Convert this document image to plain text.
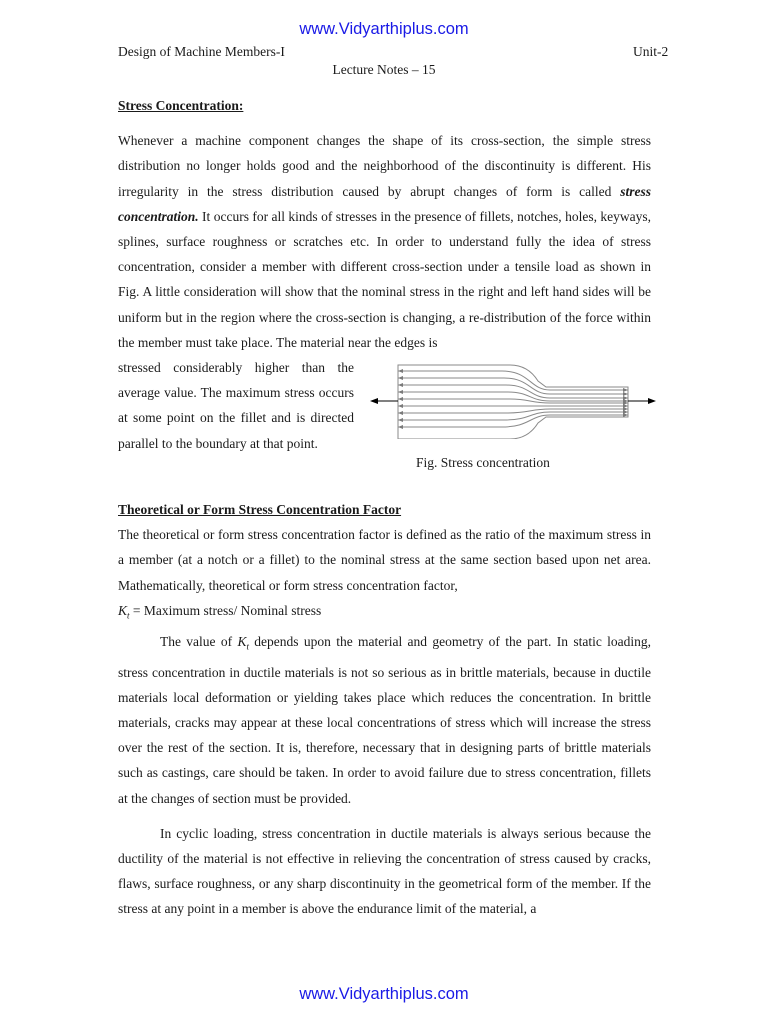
www.Vidyarthiplus.com
Design of Machine Members-I	Unit-2
Lecture Notes – 15

Stress Concentration:

Whenever a machine component changes the shape of its cross-section, the simple stress distribution no longer holds good and the neighborhood of the discontinuity is different. His irregularity in the stress distribution caused by abrupt changes of form is called stress concentration. It occurs for all kinds of stresses in the presence of fillets, notches, holes, keyways, splines, surface roughness or scratches etc. In order to understand fully the idea of stress concentration, consider a member with different cross-section under a tensile load as shown in Fig. A little consideration will show that the nominal stress in the right and left hand sides will be uniform but in the region where the cross-section is changing, a re-distribution of the force within the member must take place. The material near the edges is

stressed considerably higher than the average value. The maximum stress occurs at some point on the fillet and is directed parallel to the boundary at that point.

Fig. Stress concentration

Theoretical or Form Stress Concentration Factor

The theoretical or form stress concentration factor is defined as the ratio of the maximum stress in a member (at a notch or a fillet) to the nominal stress at the same section based upon net area. Mathematically, theoretical or form stress concentration factor,

$K_t$ = Maximum stress/ Nominal stress

The value of $K_t$ depends upon the material and geometry of the part. In static loading, stress concentration in ductile materials is not so serious as in brittle materials, because in ductile materials local deformation or yielding takes place which reduces the concentration. In brittle materials, cracks may appear at these local concentrations of stress which will increase the stress over the rest of the section. It is, therefore, necessary that in designing parts of brittle materials such as castings, care should be taken. In order to avoid failure due to stress concentration, fillets at the changes of section must be provided.

In cyclic loading, stress concentration in ductile materials is always serious because the ductility of the material is not effective in relieving the concentration of stress caused by cracks, flaws, surface roughness, or any sharp discontinuity in the geometrical form of the member. If the stress at any point in a member is above the endurance limit of the material, a

www.Vidyarthiplus.com
